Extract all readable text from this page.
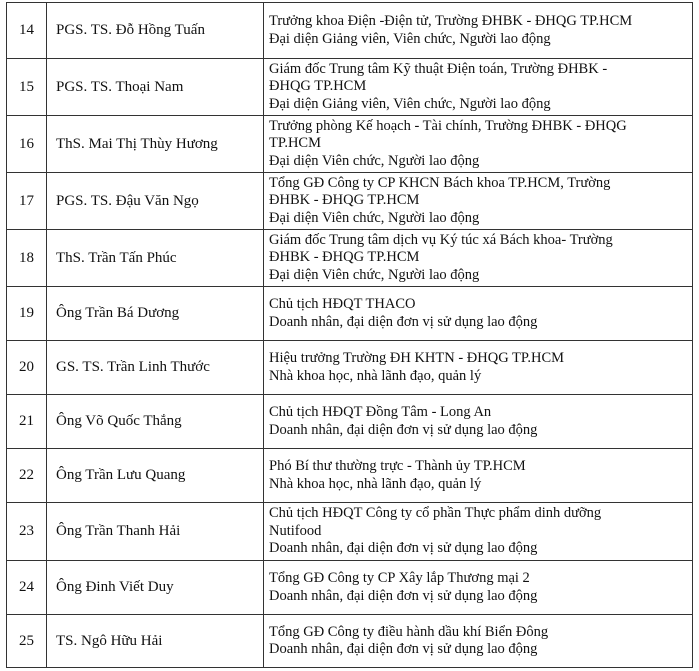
14	PGS. TS. Đỗ Hồng Tuấn	Trưởng khoa Điện -Điện tử, Trường ĐHBK - ĐHQG TP.HCM
Đại diện Giảng viên, Viên chức, Người lao động

15	PGS. TS. Thoại Nam	Giám đốc Trung tâm Kỹ thuật Điện toán, Trường ĐHBK -
ĐHQG TP.HCM
Đại diện Giảng viên, Viên chức, Người lao động

16	ThS. Mai Thị Thùy Hương	Trưởng phòng Kế hoạch - Tài chính, Trường ĐHBK - ĐHQG
TP.HCM
Đại diện Viên chức, Người lao động

17	PGS. TS. Đậu Văn Ngọ	Tổng GĐ Công ty CP KHCN Bách khoa TP.HCM, Trường
ĐHBK - ĐHQG TP.HCM
Đại diện Viên chức, Người lao động

18	ThS. Trần Tấn Phúc	Giám đốc Trung tâm dịch vụ Ký túc xá Bách khoa- Trường
ĐHBK - ĐHQG TP.HCM
Đại diện Viên chức, Người lao động

19	Ông Trần Bá Dương	Chủ tịch HĐQT THACO
Doanh nhân, đại diện đơn vị sử dụng lao động

20	GS. TS. Trần Linh Thước	Hiệu trưởng Trường ĐH KHTN - ĐHQG TP.HCM
Nhà khoa học, nhà lãnh đạo, quản lý

21	Ông Võ Quốc Thắng	Chủ tịch HĐQT Đồng Tâm - Long An
Doanh nhân, đại diện đơn vị sử dụng lao động

22	Ông Trần Lưu Quang	Phó Bí thư thường trực - Thành ủy TP.HCM
Nhà khoa học, nhà lãnh đạo, quản lý

23	Ông Trần Thanh Hải	Chủ tịch HĐQT Công ty cổ phần Thực phẩm dinh dưỡng
Nutifood
Doanh nhân, đại diện đơn vị sử dụng lao động

24	Ông Đinh Viết Duy	Tổng GĐ Công ty CP Xây lắp Thương mại 2
Doanh nhân, đại diện đơn vị sử dụng lao động

25	TS. Ngô Hữu Hải	Tổng GĐ Công ty điều hành dầu khí Biển Đông
Doanh nhân, đại diện đơn vị sử dụng lao động
